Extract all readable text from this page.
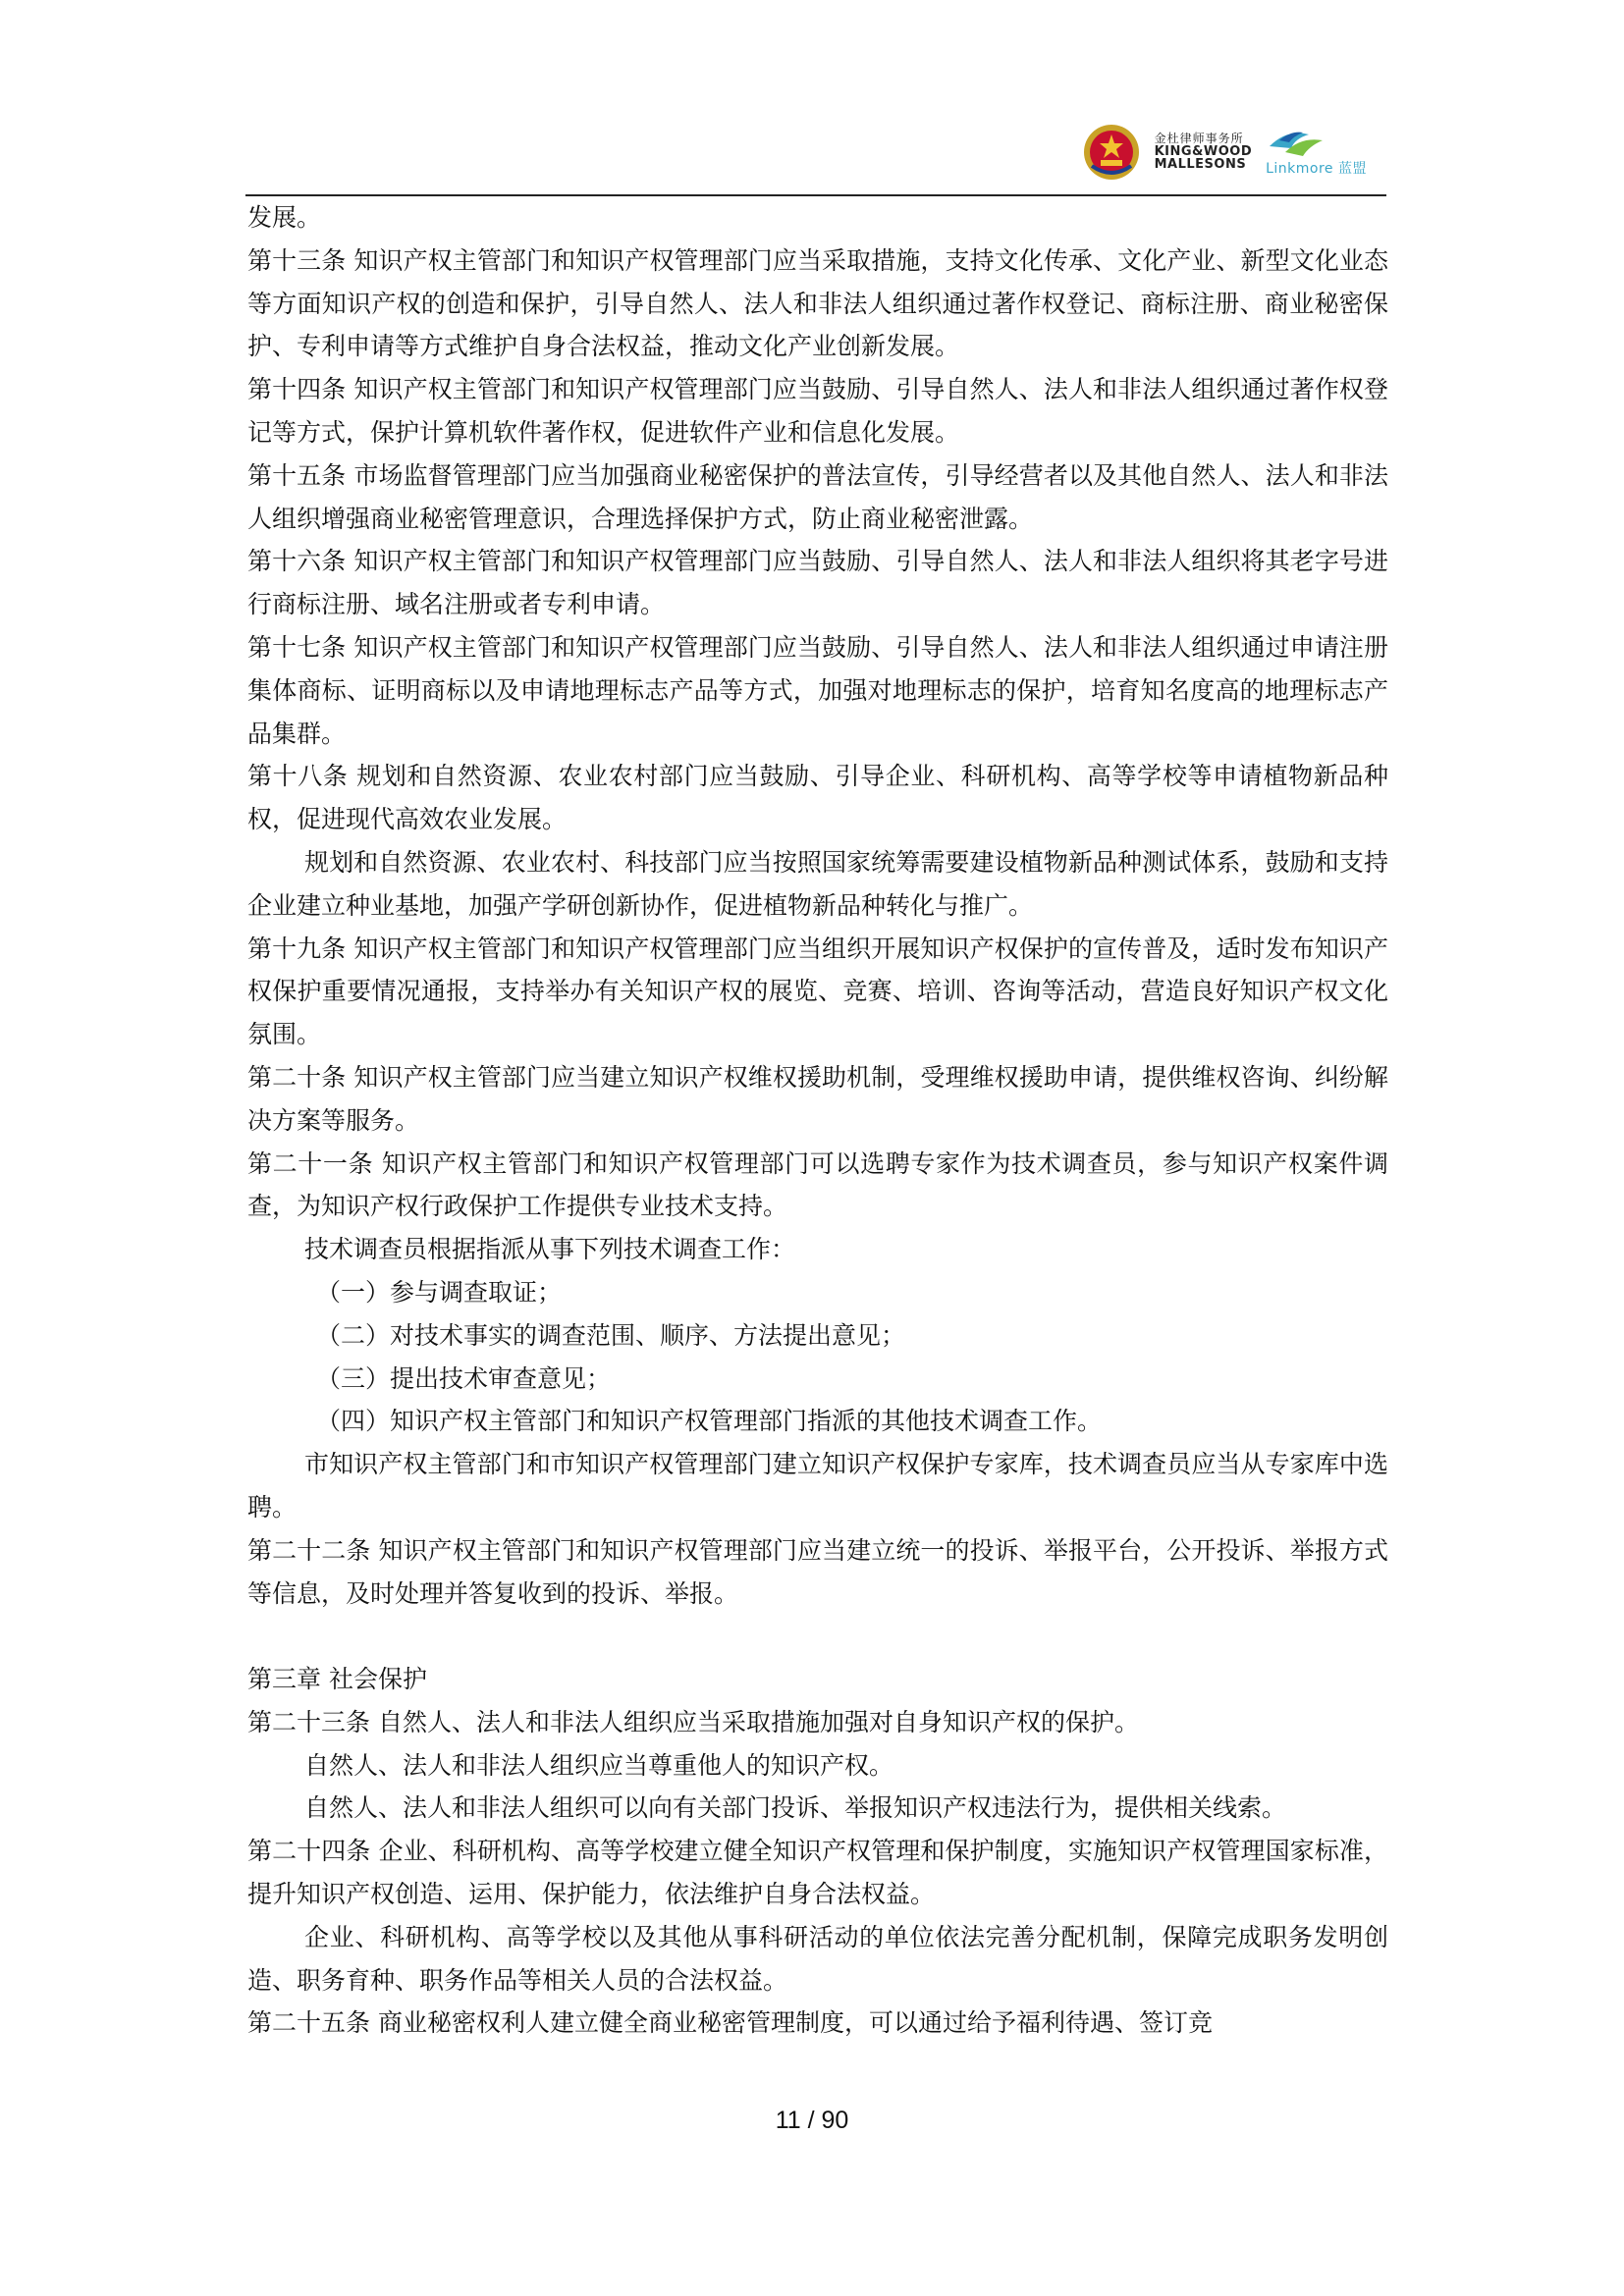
金杜律师事务所
KING&WOOD
MALLESONS Linkmore 蓝盟

发展。

第十三条 知识产权主管部门和知识产权管理部门应当采取措施，支持文化传承、文化产业、新型文化业态等方面知识产权的创造和保护，引导自然人、法人和非法人组织通过著作权登记、商标注册、商业秘密保护、专利申请等方式维护自身合法权益，推动文化产业创新发展。

第十四条 知识产权主管部门和知识产权管理部门应当鼓励、引导自然人、法人和非法人组织通过著作权登记等方式，保护计算机软件著作权，促进软件产业和信息化发展。

第十五条 市场监督管理部门应当加强商业秘密保护的普法宣传，引导经营者以及其他自然人、法人和非法人组织增强商业秘密管理意识，合理选择保护方式，防止商业秘密泄露。

第十六条 知识产权主管部门和知识产权管理部门应当鼓励、引导自然人、法人和非法人组织将其老字号进行商标注册、域名注册或者专利申请。

第十七条 知识产权主管部门和知识产权管理部门应当鼓励、引导自然人、法人和非法人组织通过申请注册集体商标、证明商标以及申请地理标志产品等方式，加强对地理标志的保护，培育知名度高的地理标志产品集群。

第十八条 规划和自然资源、农业农村部门应当鼓励、引导企业、科研机构、高等学校等申请植物新品种权，促进现代高效农业发展。

规划和自然资源、农业农村、科技部门应当按照国家统筹需要建设植物新品种测试体系，鼓励和支持企业建立种业基地，加强产学研创新协作，促进植物新品种转化与推广。

第十九条 知识产权主管部门和知识产权管理部门应当组织开展知识产权保护的宣传普及，适时发布知识产权保护重要情况通报，支持举办有关知识产权的展览、竞赛、培训、咨询等活动，营造良好知识产权文化氛围。

第二十条 知识产权主管部门应当建立知识产权维权援助机制，受理维权援助申请，提供维权咨询、纠纷解决方案等服务。

第二十一条 知识产权主管部门和知识产权管理部门可以选聘专家作为技术调查员，参与知识产权案件调查，为知识产权行政保护工作提供专业技术支持。

技术调查员根据指派从事下列技术调查工作：

（一）参与调查取证；

（二）对技术事实的调查范围、顺序、方法提出意见；

（三）提出技术审查意见；

（四）知识产权主管部门和知识产权管理部门指派的其他技术调查工作。

市知识产权主管部门和市知识产权管理部门建立知识产权保护专家库，技术调查员应当从专家库中选聘。

第二十二条 知识产权主管部门和知识产权管理部门应当建立统一的投诉、举报平台，公开投诉、举报方式等信息，及时处理并答复收到的投诉、举报。

第三章 社会保护

第二十三条 自然人、法人和非法人组织应当采取措施加强对自身知识产权的保护。

自然人、法人和非法人组织应当尊重他人的知识产权。

自然人、法人和非法人组织可以向有关部门投诉、举报知识产权违法行为，提供相关线索。

第二十四条 企业、科研机构、高等学校建立健全知识产权管理和保护制度，实施知识产权管理国家标准，提升知识产权创造、运用、保护能力，依法维护自身合法权益。

企业、科研机构、高等学校以及其他从事科研活动的单位依法完善分配机制，保障完成职务发明创造、职务育种、职务作品等相关人员的合法权益。

第二十五条 商业秘密权利人建立健全商业秘密管理制度，可以通过给予福利待遇、签订竞

11 / 90
